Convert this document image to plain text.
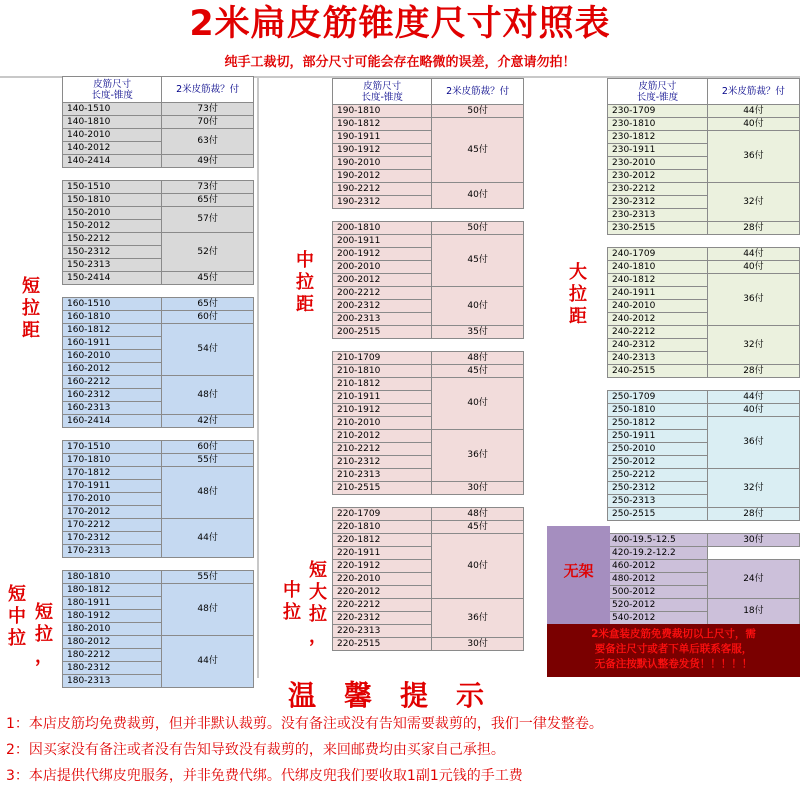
2米扁皮筋锥度尺寸对照表
纯手工裁切，部分尺寸可能会存在略微的误差，介意请勿拍！
短
拉
距
短
中
拉
短
拉
，
中
拉
距
短
大
拉
，
中
拉
大
拉
距
皮筋尺寸
长度-锥度	2米皮筋裁？付
140-1510	73付
140-1810	70付
140-2010	63付
140-2012	
140-2414	49付

150-1510	73付
150-1810	65付
150-2010	57付
150-2012	
150-2212	52付
150-2312	
150-2313	
150-2414	45付

160-1510	65付
160-1810	60付
160-1812	54付
160-1911	
160-2010	
160-2012	
160-2212	48付
160-2312	
160-2313	
160-2414	42付

170-1510	60付
170-1810	55付
170-1812	48付
170-1911	
170-2010	
170-2012	
170-2212	44付
170-2312	
170-2313	

180-1810	55付
180-1812	48付
180-1911	
180-1912	
180-2010	
180-2012	44付
180-2212	
180-2312	
180-2313	
皮筋尺寸
长度-锥度	2米皮筋裁？付
190-1810	50付
190-1812	45付
190-1911	
190-1912	
190-2010	
190-2012	
190-2212	40付
190-2312	

200-1810	50付
200-1911	45付
200-1912	
200-2010	
200-2012	
200-2212	40付
200-2312	
200-2313	
200-2515	35付

210-1709	48付
210-1810	45付
210-1812	40付
210-1911	
210-1912	
210-2010	
210-2012	36付
210-2212	
210-2312	
210-2313	
210-2515	30付

220-1709	48付
220-1810	45付
220-1812	40付
220-1911	
220-1912	
220-2010	
220-2012	
220-2212	36付
220-2312	
220-2313	
220-2515	30付
皮筋尺寸
长度-锥度	2米皮筋裁？付
230-1709	44付
230-1810	40付
230-1812	36付
230-1911	
230-2010	
230-2012	
230-2212	32付
230-2312	
230-2313	
230-2515	28付

240-1709	44付
240-1810	40付
240-1812	36付
240-1911	
240-2010	
240-2012	
240-2212	32付
240-2312	
240-2313	
240-2515	28付

250-1709	44付
250-1810	40付
250-1812	36付
250-1911	
250-2010	
250-2012	
250-2212	32付
250-2312	
250-2313	
250-2515	28付

400-19.5-12.5	30付
420-19.2-12.2	
460-2012	24付
480-2012	
500-2012	
520-2012	18付
540-2012	
无架
2米盒装皮筋免费裁切以上尺寸，需
要备注尺寸或者下单后联系客服，
无备注按默认整卷发货！！！！！
温馨提示
1：本店皮筋均免费裁剪，但并非默认裁剪。没有备注或没有告知需要裁剪的，我们一律发整卷。
2：因买家没有备注或者没有告知导致没有裁剪的，来回邮费均由买家自己承担。
3：本店提供代绑皮兜服务，并非免费代绑。代绑皮兜我们要收取1副1元钱的手工费
